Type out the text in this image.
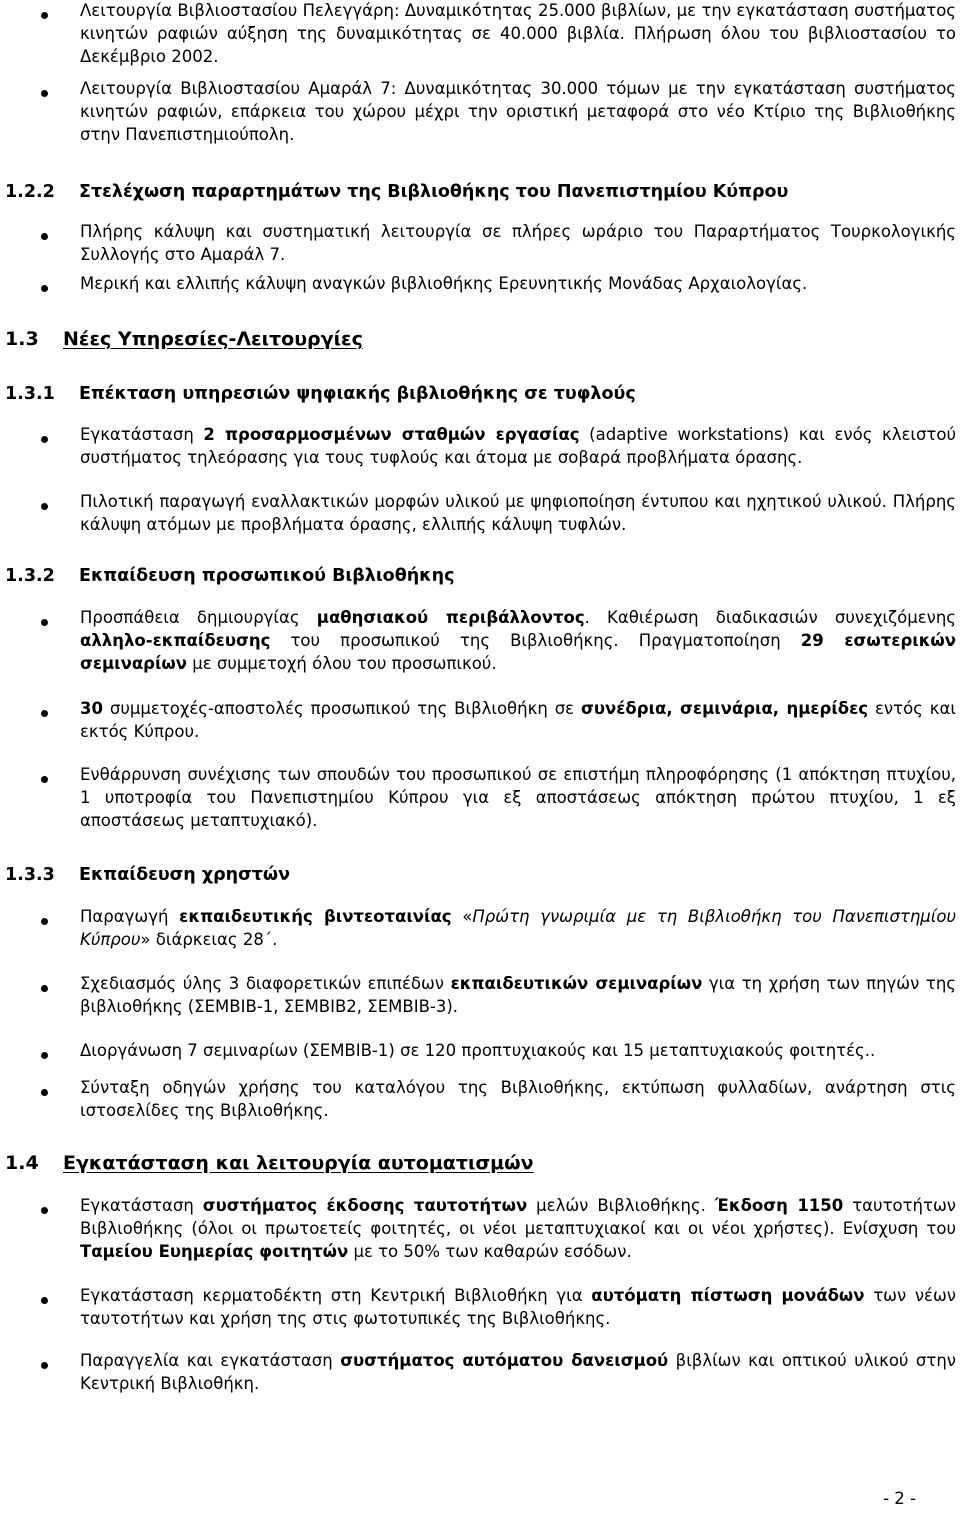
Λειτουργία Βιβλιοστασίου Πελεγγάρη: Δυναμικότητας 25.000 βιβλίων, με την εγκατάσταση συστήματος κινητών ραφιών αύξηση της δυναμικότητας σε 40.000 βιβλία. Πλήρωση όλου του βιβλιοστασίου το Δεκέμβριο 2002.
Λειτουργία Βιβλιοστασίου Αμαράλ 7: Δυναμικότητας 30.000 τόμων με την εγκατάσταση συστήματος κινητών ραφιών, επάρκεια του χώρου μέχρι την οριστική μεταφορά στο νέο Κτίριο της Βιβλιοθήκης στην Πανεπιστημιούπολη.
1.2.2 Στελέχωση παραρτημάτων της Βιβλιοθήκης του Πανεπιστημίου Κύπρου
Πλήρης κάλυψη και συστηματική λειτουργία σε πλήρες ωράριο του Παραρτήματος Τουρκολογικής Συλλογής στο Αμαράλ 7.
Μερική και ελλιπής κάλυψη αναγκών βιβλιοθήκης Ερευνητικής Μονάδας Αρχαιολογίας.
1.3 Νέες Υπηρεσίες-Λειτουργίες
1.3.1 Επέκταση υπηρεσιών ψηφιακής βιβλιοθήκης σε τυφλούς
Εγκατάσταση 2 προσαρμοσμένων σταθμών εργασίας (adaptive workstations) και ενός κλειστού συστήματος τηλεόρασης για τους τυφλούς και άτομα με σοβαρά προβλήματα όρασης.
Πιλοτική παραγωγή εναλλακτικών μορφών υλικού με ψηφιοποίηση έντυπου και ηχητικού υλικού. Πλήρης κάλυψη ατόμων με προβλήματα όρασης, ελλιπής κάλυψη τυφλών.
1.3.2 Εκπαίδευση προσωπικού Βιβλιοθήκης
Προσπάθεια δημιουργίας μαθησιακού περιβάλλοντος. Καθιέρωση διαδικασιών συνεχιζόμενης αλληλο-εκπαίδευσης του προσωπικού της Βιβλιοθήκης. Πραγματοποίηση 29 εσωτερικών σεμιναρίων με συμμετοχή όλου του προσωπικού.
30 συμμετοχές-αποστολές προσωπικού της Βιβλιοθήκη σε συνέδρια, σεμινάρια, ημερίδες εντός και εκτός Κύπρου.
Ενθάρρυνση συνέχισης των σπουδών του προσωπικού σε επιστήμη πληροφόρησης (1 απόκτηση πτυχίου, 1 υποτροφία του Πανεπιστημίου Κύπρου για εξ αποστάσεως απόκτηση πρώτου πτυχίου, 1 εξ αποστάσεως μεταπτυχιακό).
1.3.3 Εκπαίδευση χρηστών
Παραγωγή εκπαιδευτικής βιντεοταινίας «Πρώτη γνωριμία με τη Βιβλιοθήκη του Πανεπιστημίου Κύπρου» διάρκειας 28΄.
Σχεδιασμός ύλης 3 διαφορετικών επιπέδων εκπαιδευτικών σεμιναρίων για τη χρήση των πηγών της βιβλιοθήκης (ΣΕΜΒΙΒ-1, ΣΕΜΒΙΒ2, ΣΕΜΒΙΒ-3).
Διοργάνωση 7 σεμιναρίων (ΣΕΜΒΙΒ-1) σε 120 προπτυχιακούς και 15 μεταπτυχιακούς φοιτητές..
Σύνταξη οδηγών χρήσης του καταλόγου της Βιβλιοθήκης, εκτύπωση φυλλαδίων, ανάρτηση στις ιστοσελίδες της Βιβλιοθήκης.
1.4 Εγκατάσταση και λειτουργία αυτοματισμών
Εγκατάσταση συστήματος έκδοσης ταυτοτήτων μελών Βιβλιοθήκης. Έκδοση 1150 ταυτοτήτων Βιβλιοθήκης (όλοι οι πρωτοετείς φοιτητές, οι νέοι μεταπτυχιακοί και οι νέοι χρήστες). Ενίσχυση του Ταμείου Ευημερίας φοιτητών με το 50% των καθαρών εσόδων.
Εγκατάσταση κερματοδέκτη στη Κεντρική Βιβλιοθήκη για αυτόματη πίστωση μονάδων των νέων ταυτοτήτων και χρήση της στις φωτοτυπικές της Βιβλιοθήκης.
Παραγγελία και εγκατάσταση συστήματος αυτόματου δανεισμού βιβλίων και οπτικού υλικού στην Κεντρική Βιβλιοθήκη.
- 2 -
